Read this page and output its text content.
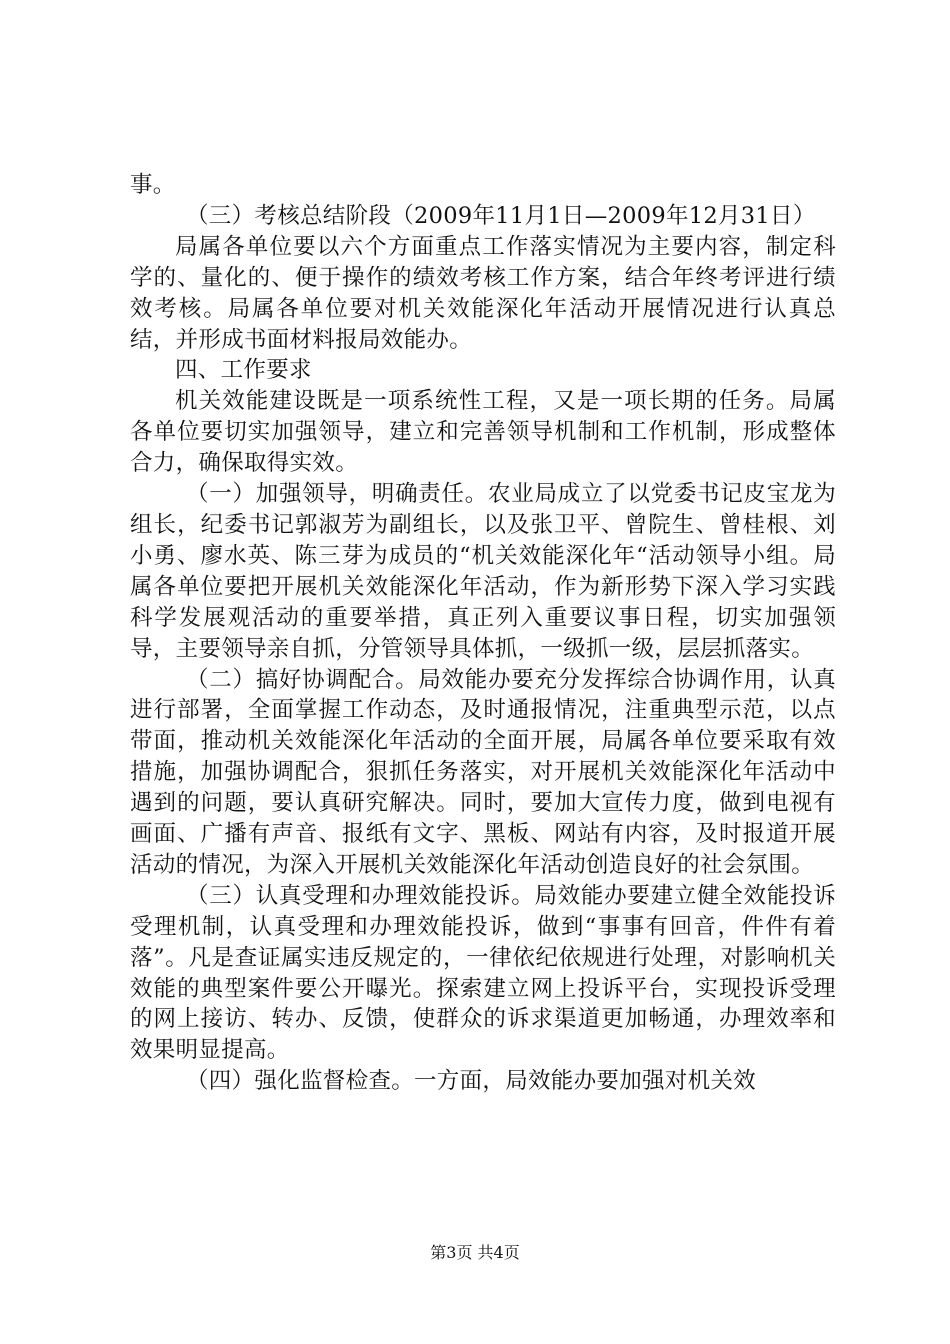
事。

（三）考核总结阶段（2009年11月1日—2009年12月31日）

局属各单位要以六个方面重点工作落实情况为主要内容，制定科学的、量化的、便于操作的绩效考核工作方案，结合年终考评进行绩效考核。局属各单位要对机关效能深化年活动开展情况进行认真总结，并形成书面材料报局效能办。

四、工作要求

机关效能建设既是一项系统性工程，又是一项长期的任务。局属各单位要切实加强领导，建立和完善领导机制和工作机制，形成整体合力，确保取得实效。

（一）加强领导，明确责任。农业局成立了以党委书记皮宝龙为组长，纪委书记郭淑芳为副组长，以及张卫平、曾院生、曾桂根、刘小勇、廖水英、陈三芽为成员的“机关效能深化年“活动领导小组。局属各单位要把开展机关效能深化年活动，作为新形势下深入学习实践科学发展观活动的重要举措，真正列入重要议事日程，切实加强领导，主要领导亲自抓，分管领导具体抓，一级抓一级，层层抓落实。

（二）搞好协调配合。局效能办要充分发挥综合协调作用，认真进行部署，全面掌握工作动态，及时通报情况，注重典型示范，以点带面，推动机关效能深化年活动的全面开展，局属各单位要采取有效措施，加强协调配合，狠抓任务落实，对开展机关效能深化年活动中遇到的问题，要认真研究解决。同时，要加大宣传力度，做到电视有画面、广播有声音、报纸有文字、黑板、网站有内容，及时报道开展活动的情况，为深入开展机关效能深化年活动创造良好的社会氛围。

（三）认真受理和办理效能投诉。局效能办要建立健全效能投诉受理机制，认真受理和办理效能投诉，做到“事事有回音，件件有着落”。凡是查证属实违反规定的，一律依纪依规进行处理，对影响机关效能的典型案件要公开曝光。探索建立网上投诉平台，实现投诉受理的网上接访、转办、反馈，使群众的诉求渠道更加畅通，办理效率和效果明显提高。

（四）强化监督检查。一方面，局效能办要加强对机关效

第3页 共4页
